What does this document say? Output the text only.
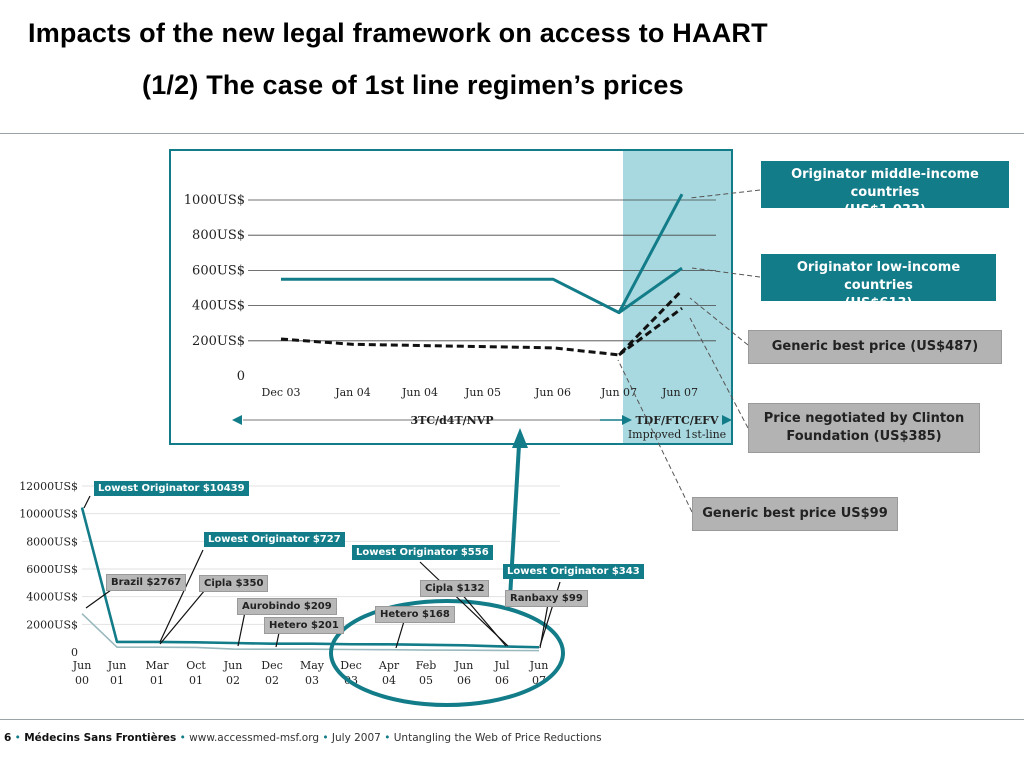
Impacts of the new legal framework on access to HAART
(1/2) The case of 1st line regimen’s prices
1000US$
800US$
600US$
400US$
200US$
0
Dec 03	Jan 04	Jun 04 Jun 05	Jun 06	Jun 07 Jun 07
3TC/d4T/NVP	TDF/FTC/EFV
Improved 1st-line
12000US$
10000US$
8000US$
6000US$
4000US$
2000US$
0
Jun
00
Jun
01
Mar
01
Oct
01
Jun
02
Dec
02
May
03
Dec
03
Apr
04
Feb
05
Jun
06
Jul
06
Jun
07
Originator middle-income countries
(US$1,033)
Originator low-income countries
(US$613)
Generic best price (US$487)
Price negotiated by Clinton
Foundation (US$385)
Generic best price US$99
Lowest Originator $10439
Lowest Originator $727
Lowest Originator $556
Lowest Originator $343
Brazil $2767	Cipla $350
Aurobindo $209
Hetero $201
Hetero $168
Cipla $132
Ranbaxy $99
6 • Médecins Sans Frontières • www.accessmed-msf.org • July 2007 • Untangling the Web of Price Reductions
